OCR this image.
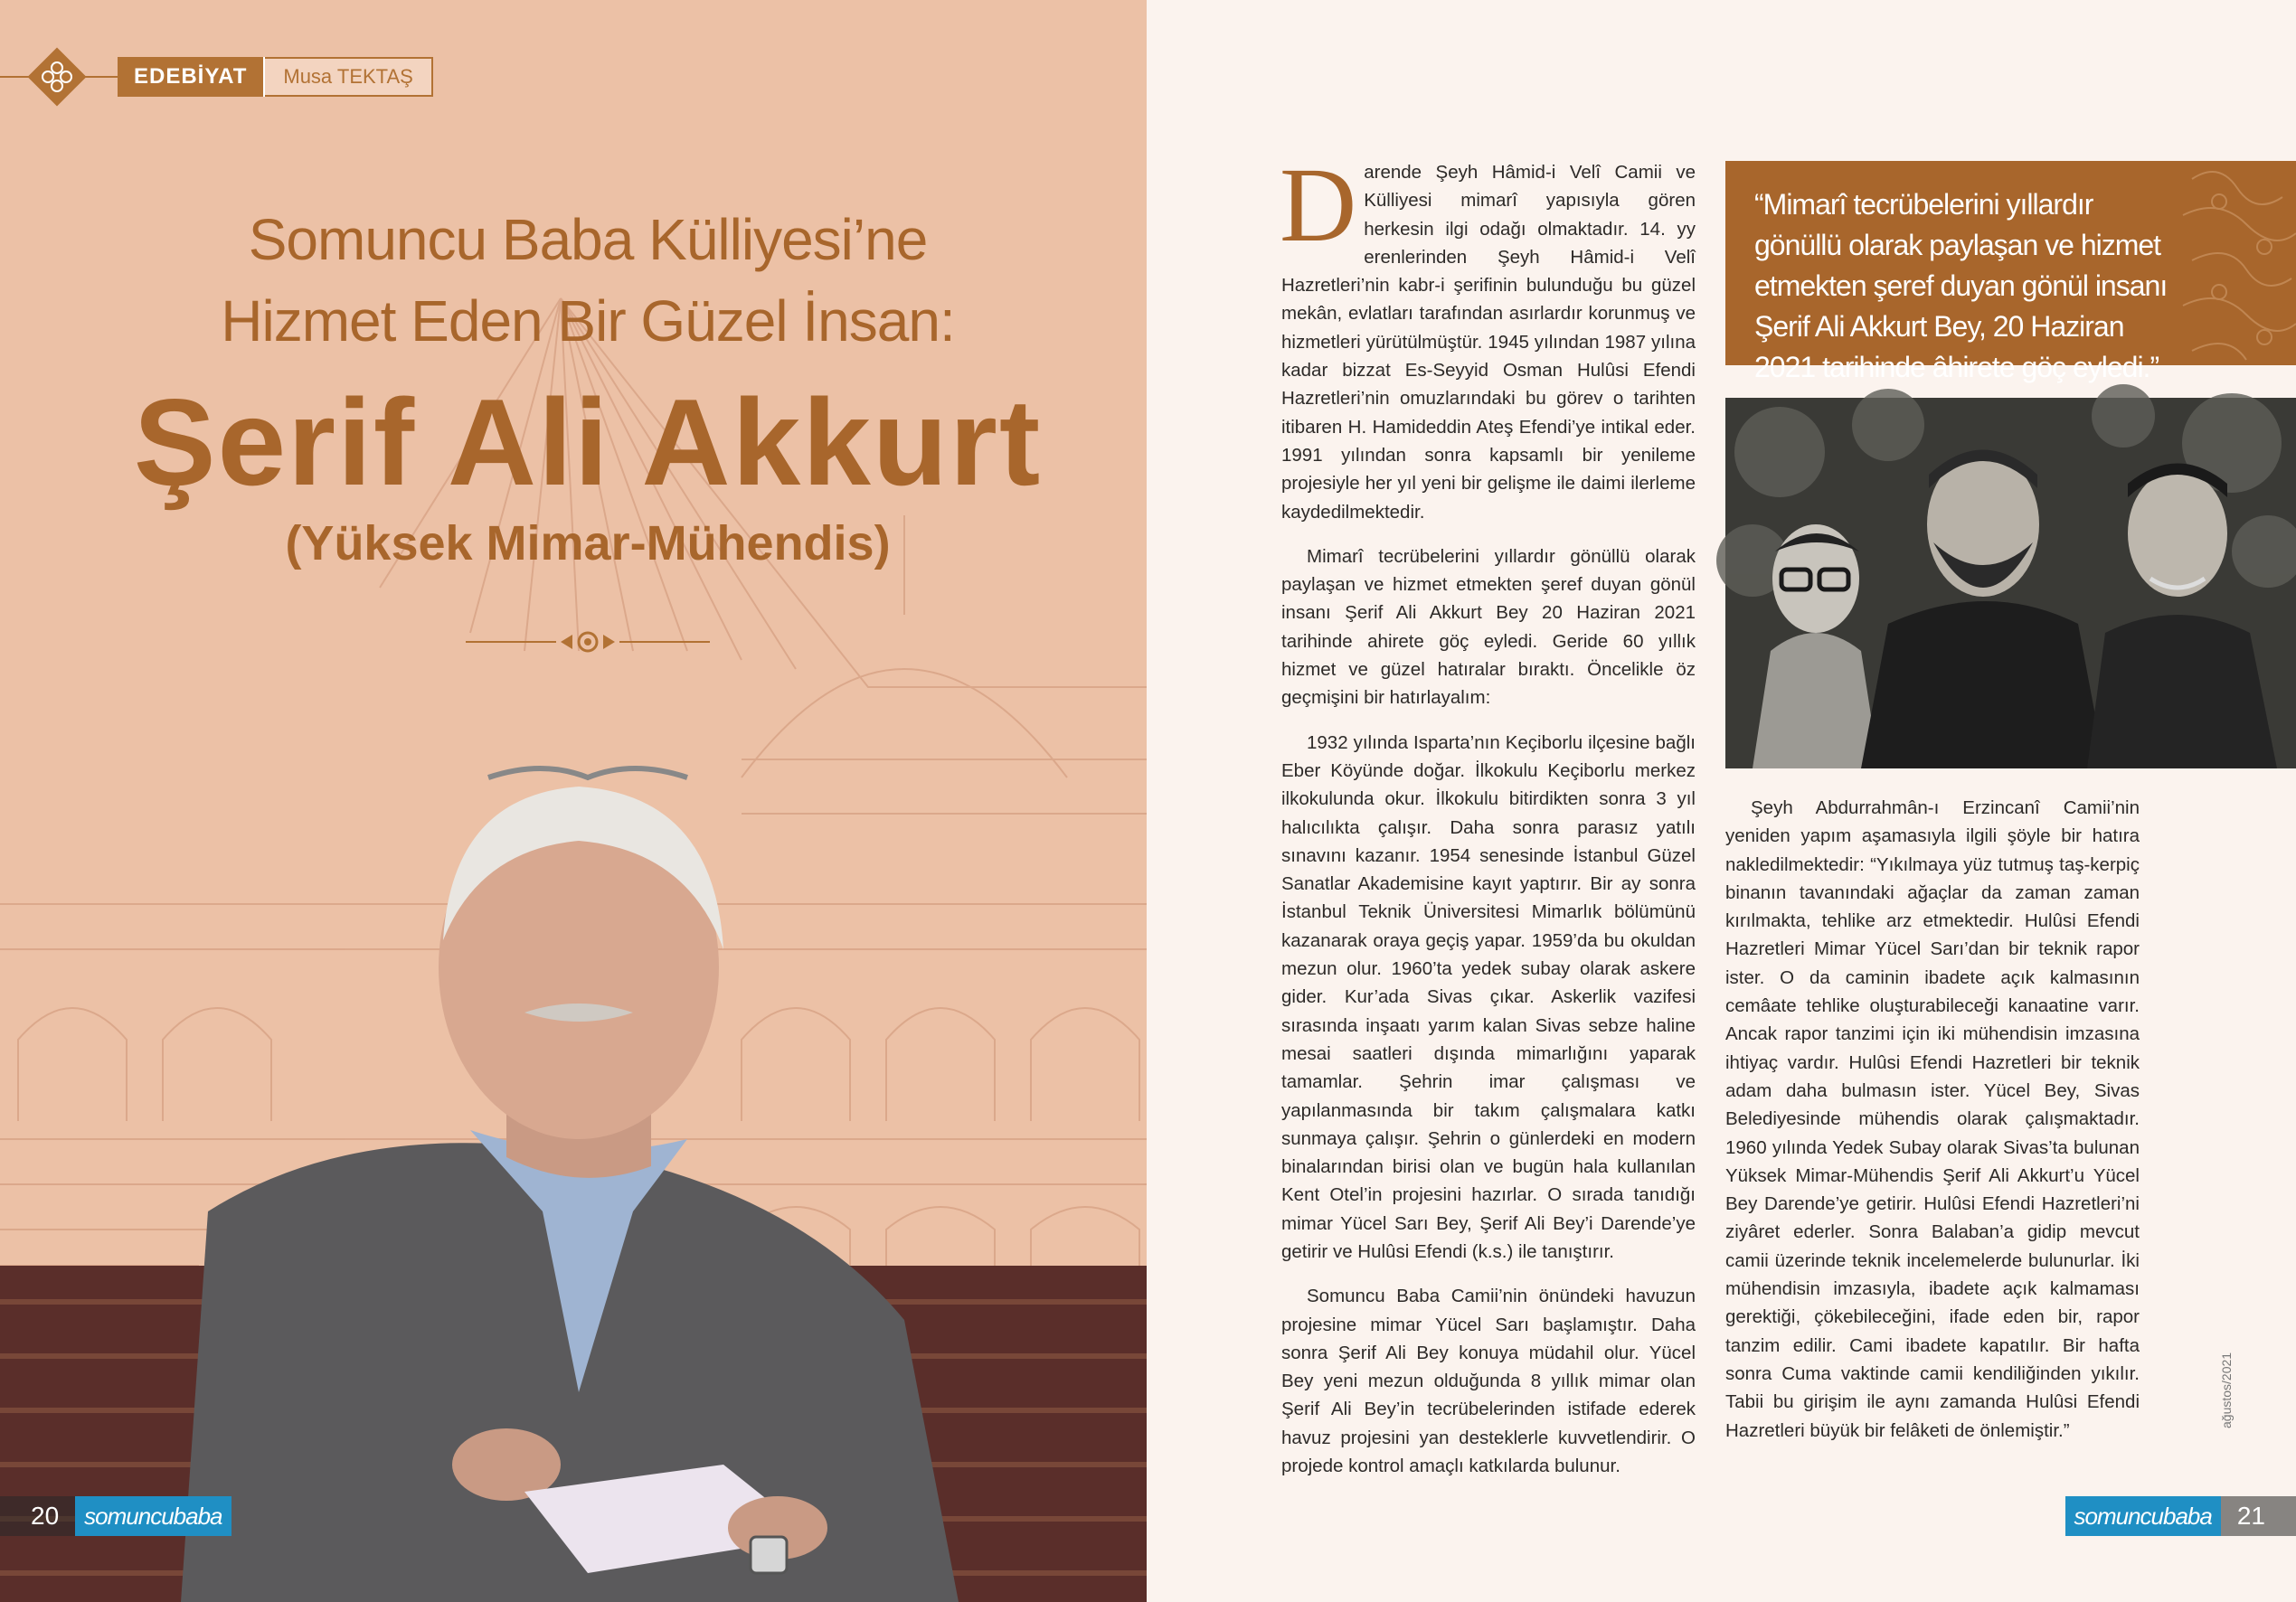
EDEBİYAT	Musa TEKTAŞ
Somuncu Baba Külliyesi’ne
Hizmet Eden Bir Güzel İnsan:
Şerif Ali Akkurt
(Yüksek Mimar-Mühendis)
20	somuncubaba

Darende Şeyh Hâmid-i Velî Camii ve Külliyesi mimarî yapısıyla gören herkesin ilgi odağı olmaktadır. 14. yy erenlerinden Şeyh Hâmid-i Velî Hazretleri’nin kabr-i şerifinin bulunduğu bu güzel mekân, evlatları tarafından asırlardır korunmuş ve hizmetleri yürütülmüştür. 1945 yılından 1987 yılına kadar bizzat Es-Seyyid Osman Hulûsi Efendi Hazretleri’nin omuzlarındaki bu görev o tarihten itibaren H. Hamideddin Ateş Efendi’ye intikal eder. 1991 yılından sonra kapsamlı bir yenileme projesiyle her yıl yeni bir gelişme ile daimi ilerleme kaydedilmektedir.

Mimarî tecrübelerini yıllardır gönüllü olarak paylaşan ve hizmet etmekten şeref duyan gönül insanı Şerif Ali Akkurt Bey 20 Haziran 2021 tarihinde ahirete göç eyledi. Geride 60 yıllık hizmet ve güzel hatıralar bıraktı. Öncelikle öz geçmişini bir hatırlayalım:

1932 yılında Isparta’nın Keçiborlu ilçesine bağlı Eber Köyünde doğar. İlkokulu Keçiborlu merkez ilkokulunda okur. İlkokulu bitirdikten sonra 3 yıl halıcılıkta çalışır. Daha sonra parasız yatılı sınavını kazanır. 1954 senesinde İstanbul Güzel Sanatlar Akademisine kayıt yaptırır. Bir ay sonra İstanbul Teknik Üniversitesi Mimarlık bölümünü kazanarak oraya geçiş yapar. 1959’da bu okuldan mezun olur. 1960’ta yedek subay olarak askere gider. Kur’ada Sivas çıkar. Askerlik vazifesi sırasında inşaatı yarım kalan Sivas sebze haline mesai saatleri dışında mimarlığını yaparak tamamlar. Şehrin imar çalışması ve yapılanmasında bir takım çalışmalara katkı sunmaya çalışır. Şehrin o günlerdeki en modern binalarından birisi olan ve bugün hala kullanılan Kent Otel’in projesini hazırlar. O sırada tanıdığı mimar Yücel Sarı Bey, Şerif Ali Bey’i Darende’ye getirir ve Hulûsi Efendi (k.s.) ile tanıştırır.

Somuncu Baba Camii’nin önündeki havuzun projesine mimar Yücel Sarı başlamıştır. Daha sonra Şerif Ali Bey konuya müdahil olur. Yücel Bey yeni mezun olduğunda 8 yıllık mimar olan Şerif Ali Bey’in tecrübelerinden istifade ederek havuz projesini yan desteklerle kuvvetlendirir. O projede kontrol amaçlı katkılarda bulunur.

“Mimarî tecrübelerini yıllardır gönüllü olarak paylaşan ve hizmet etmekten şeref duyan gönül insanı Şerif Ali Akkurt Bey, 20 Haziran 2021 tarihinde âhirete göç eyledi.”

Şeyh Abdurrahmân-ı Erzincanî Camii’nin yeniden yapım aşamasıyla ilgili şöyle bir hatıra nakledilmektedir: “Yıkılmaya yüz tutmuş taş-kerpiç binanın tavanındaki ağaçlar da zaman zaman kırılmakta, tehlike arz etmektedir. Hulûsi Efendi Hazretleri Mimar Yücel Sarı’dan bir teknik rapor ister. O da caminin ibadete açık kalmasının cemâate tehlike oluşturabileceği kanaatine varır. Ancak rapor tanzimi için iki mühendisin imzasına ihtiyaç vardır. Hulûsi Efendi Hazretleri bir teknik adam daha bulmasın ister. Yücel Bey, Sivas Belediyesinde mühendis olarak çalışmaktadır. 1960 yılında Yedek Subay olarak Sivas’ta bulunan Yüksek Mimar-Mühendis Şerif Ali Akkurt’u Yücel Bey Darende’ye getirir. Hulûsi Efendi Hazretleri’ni ziyâret ederler. Sonra Balaban’a gidip mevcut camii üzerinde teknik incelemelerde bulunurlar. İki mühendisin imzasıyla, ibadete açık kalmaması gerektiği, çökebileceğini, ifade eden bir, rapor tanzim edilir. Cami ibadete kapatılır. Bir hafta sonra Cuma vaktinde camii kendiliğinden yıkılır. Tabii bu girişim ile aynı zamanda Hulûsi Efendi Hazretleri büyük bir felâketi de önlemiştir.”

ağustos/2021
somuncubaba	21
